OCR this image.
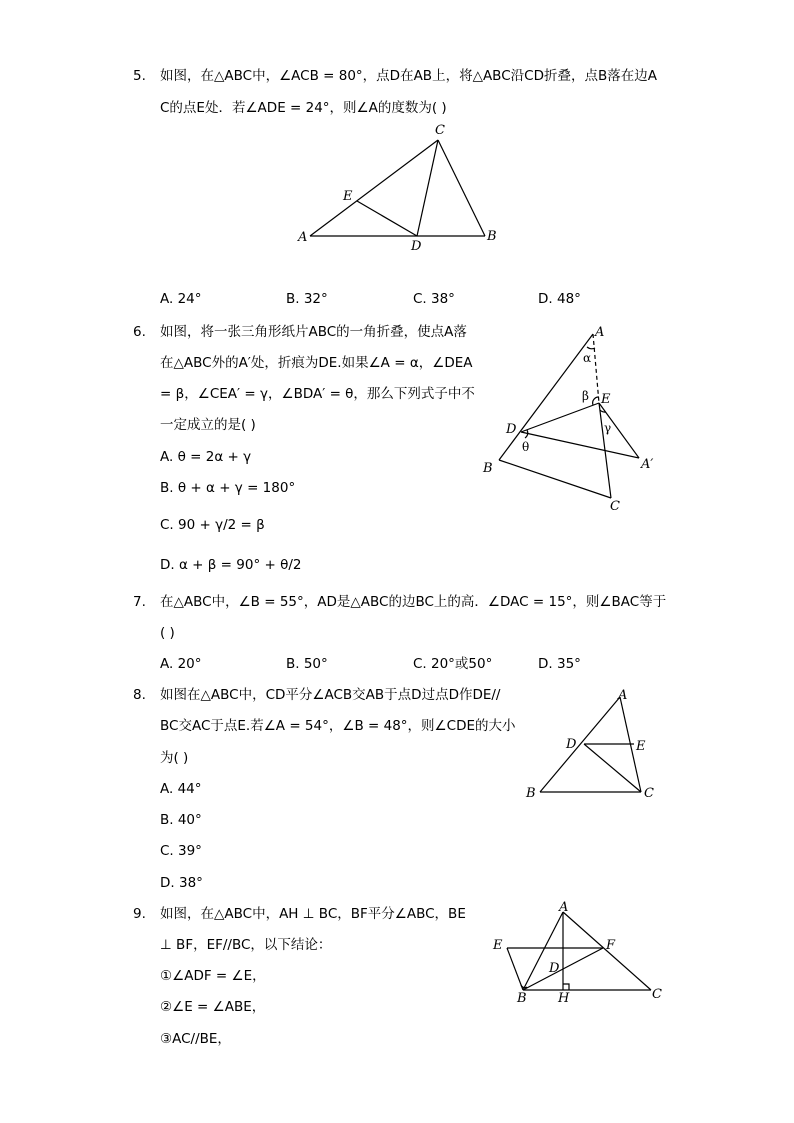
5. 如图，在△ABC中，∠ACB = 80°，点D在AB上，将△ABC沿CD折叠，点B落在边A
C的点E处．若∠ADE = 24°，则∠A的度数为( )
A	B
C
D
E
A. 24°	B. 32°	C. 38°	D. 48°
6. 如图，将一张三角形纸片ABC的一角折叠，使点A落
在△ABC外的A′处，折痕为DE.如果∠A = α，∠DEA
= β，∠CEA′ = γ，∠BDA′ = θ，那么下列式子中不
一定成立的是( )
A. θ = 2α + γ
B. θ + α + γ = 180°
C. 90 + γ/2 = β
D. α + β = 90° + θ/2
A
B
C
D
E
A′
α
β
γ
θ
7. 在△ABC中，∠B = 55°，AD是△ABC的边BC上的高．∠DAC = 15°，则∠BAC等于
( )
A. 20°	B. 50°	C. 20°或50°	D. 35°
8. 如图在△ABC中，CD平分∠ACB交AB于点D过点D作DE//
BC交AC于点E.若∠A = 54°，∠B = 48°，则∠CDE的大小
为( )
A. 44°
B. 40°
C. 39°
D. 38°
A
B	C
D	E
9. 如图，在△ABC中，AH ⊥ BC，BF平分∠ABC，BE
⊥ BF，EF//BC，以下结论：
①∠ADF = ∠E，
②∠E = ∠ABE，
③AC//BE，
A
B	C
D
E	F
H
